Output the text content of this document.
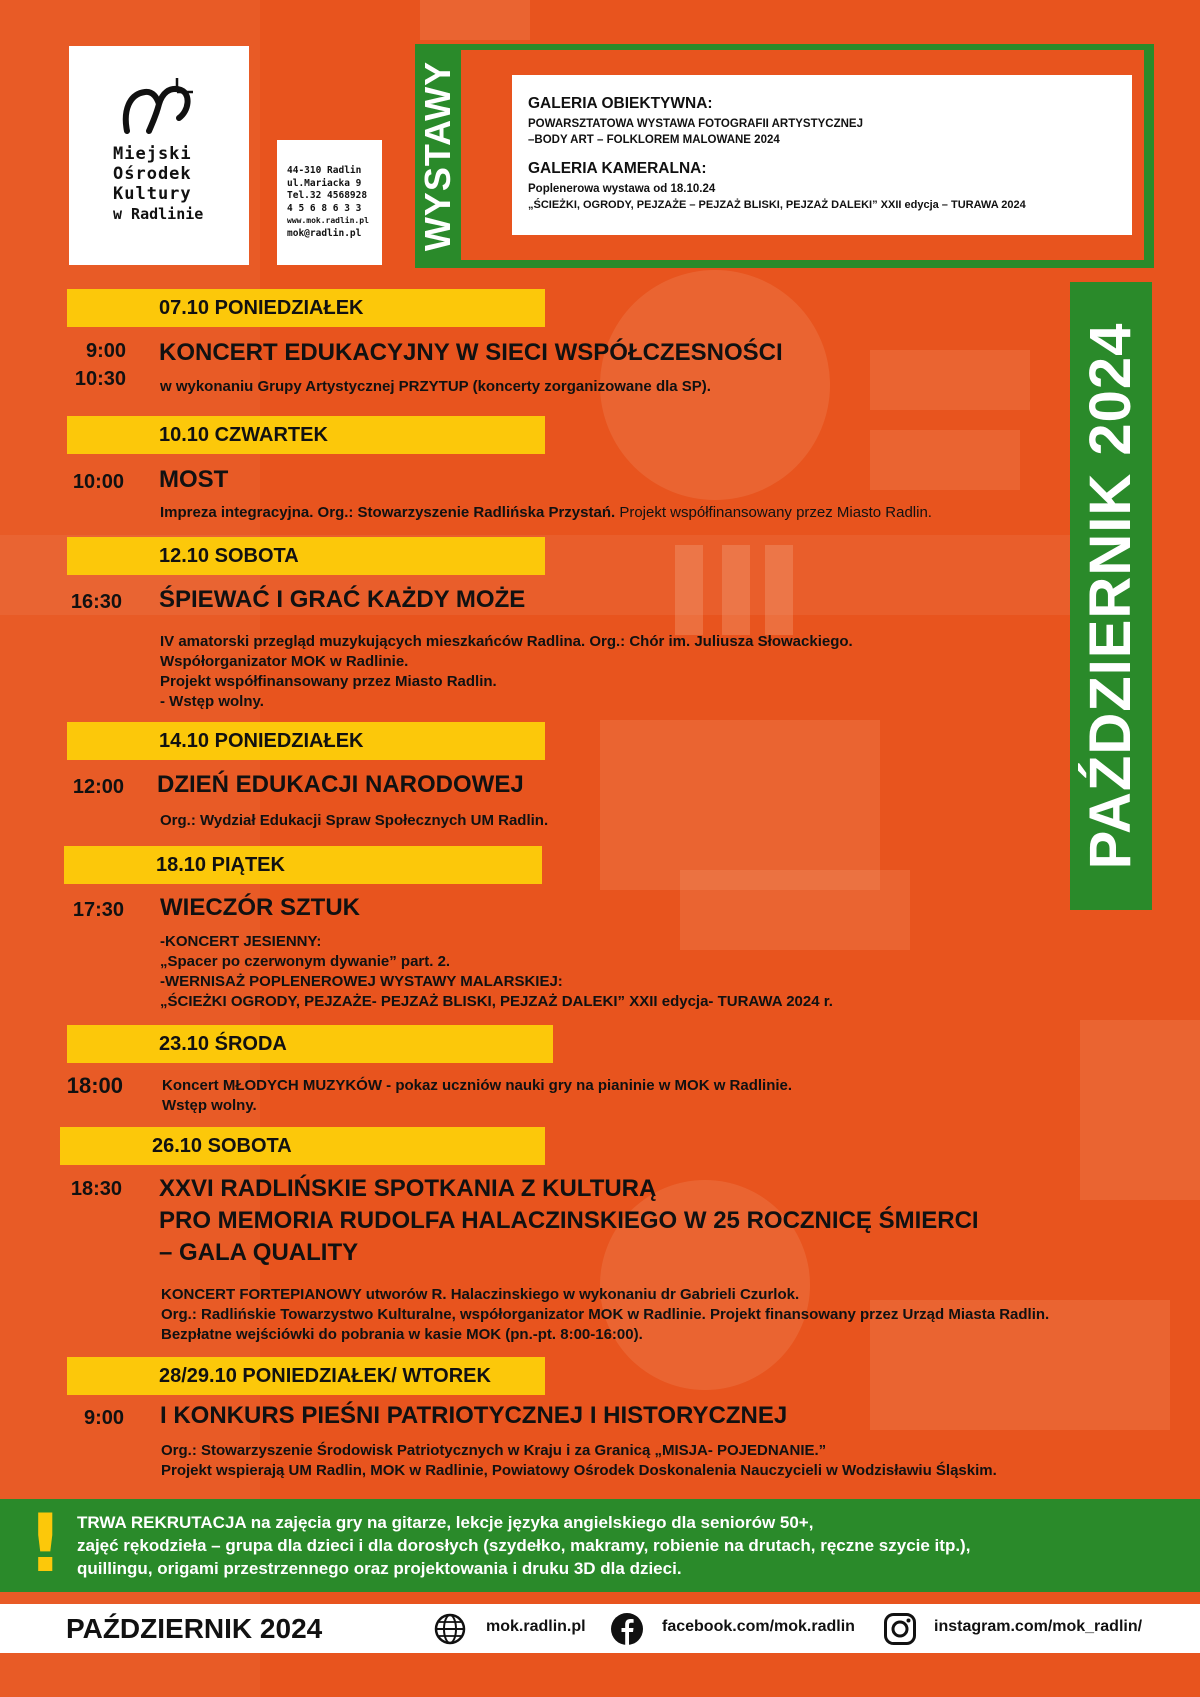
Miejski
Ośrodek
Kultury
w Radlinie
44-310 Radlin
ul.Mariacka 9
Tel.32 4568928
4 5 6 8 6 3 3
www.mok.radlin.pl
mok@radlin.pl WYSTAWY	GALERIA OBIEKTYWNA:
POWARSZTATOWA WYSTAWA FOTOGRAFII ARTYSTYCZNEJ
–BODY ART – FOLKLOREM MALOWANE 2024
GALERIA KAMERALNA:
Poplenerowa wystawa od 18.10.24
„ŚCIEŻKI, OGRODY, PEJZAŻE – PEJZAŻ BLISKI, PEJZAŻ DALEKI” XXII edycja – TURAWA 2024
PAŹDZIERNIK 2024
07.10 PONIEDZIAŁEK
9:00
10:30
KONCERT EDUKACYJNY W SIECI WSPÓŁCZESNOŚCI
w wykonaniu Grupy Artystycznej PRZYTUP (koncerty zorganizowane dla SP).
10.10 CZWARTEK
10:00 MOST
Impreza integracyjna. Org.: Stowarzyszenie Radlińska Przystań. Projekt współfinansowany przez Miasto Radlin.
12.10 SOBOTA
16:30 ŚPIEWAĆ I GRAĆ KAŻDY MOŻE
IV amatorski przegląd muzykujących mieszkańców Radlina. Org.: Chór im. Juliusza Słowackiego.
Współorganizator MOK w Radlinie.
Projekt współfinansowany przez Miasto Radlin.
- Wstęp wolny.
14.10 PONIEDZIAŁEK
12:00 DZIEŃ EDUKACJI NARODOWEJ
Org.: Wydział Edukacji Spraw Społecznych UM Radlin.
18.10 PIĄTEK
17:30 WIECZÓR SZTUK
-KONCERT JESIENNY:
„Spacer po czerwonym dywanie” part. 2.
-WERNISAŻ POPLENEROWEJ WYSTAWY MALARSKIEJ:
„ŚCIEŻKI OGRODY, PEJZAŻE- PEJZAŻ BLISKI, PEJZAŻ DALEKI” XXII edycja- TURAWA 2024 r.
23.10 ŚRODA
18:00	Koncert MŁODYCH MUZYKÓW - pokaz uczniów nauki gry na pianinie w MOK w Radlinie.
Wstęp wolny.
26.10 SOBOTA
18:30 XXVI RADLIŃSKIE SPOTKANIA Z KULTURĄ
PRO MEMORIA RUDOLFA HALACZINSKIEGO W 25 ROCZNICĘ ŚMIERCI
– GALA QUALITY
KONCERT FORTEPIANOWY utworów R. Halaczinskiego w wykonaniu dr Gabrieli Czurlok.
Org.: Radlińskie Towarzystwo Kulturalne, współorganizator MOK w Radlinie. Projekt finansowany przez Urząd Miasta Radlin.
Bezpłatne wejściówki do pobrania w kasie MOK (pn.-pt. 8:00-16:00).
28/29.10 PONIEDZIAŁEK/ WTOREK
9:00 I KONKURS PIEŚNI PATRIOTYCZNEJ I HISTORYCZNEJ
Org.: Stowarzyszenie Środowisk Patriotycznych w Kraju i za Granicą „MISJA- POJEDNANIE.”
Projekt wspierają UM Radlin, MOK w Radlinie, Powiatowy Ośrodek Doskonalenia Nauczycieli w Wodzisławiu Śląskim.
! TRWA REKRUTACJA na zajęcia gry na gitarze, lekcje języka angielskiego dla seniorów 50+,
zajęć rękodzieła – grupa dla dzieci i dla dorosłych (szydełko, makramy, robienie na drutach, ręczne szycie itp.),
quillingu, origami przestrzennego oraz projektowania i druku 3D dla dzieci.
PAŹDZIERNIK 2024	mok.radlin.pl	facebook.com/mok.radlin	instagram.com/mok_radlin/
